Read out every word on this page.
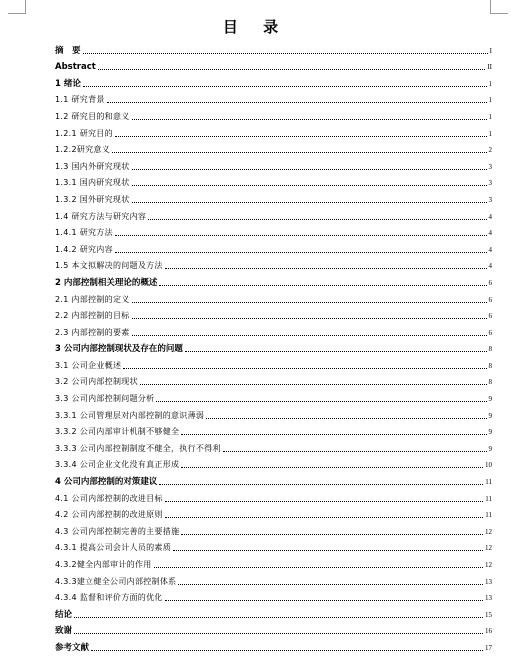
目 录
摘　要	I
Abstract	II
1 绪论	1
1.1 研究背景	1
1.2 研究目的和意义	1
1.2.1 研究目的	1
1.2.2研究意义	2
1.3 国内外研究现状	3
1.3.1 国内研究现状	3
1.3.2 国外研究现状	3
1.4 研究方法与研究内容	4
1.4.1 研究方法	4
1.4.2 研究内容	4
1.5 本文拟解决的问题及方法	4
2 内部控制相关理论的概述	6
2.1 内部控制的定义	6
2.2 内部控制的目标	6
2.3 内部控制的要素	6
3 公司内部控制现状及存在的问题	8
3.1 公司企业概述	8
3.2 公司内部控制现状	8
3.3 公司内部控制问题分析	9
3.3.1 公司管理层对内部控制的意识薄弱	9
3.3.2 公司内部审计机制不够健全	9
3.3.3 公司内部控制制度不健全，执行不得利	9
3.3.4 公司企业文化没有真正形成	10
4 公司内部控制的对策建议	11
4.1 公司内部控制的改进目标	11
4.2 公司内部控制的改进原则	11
4.3 公司内部控制完善的主要措施	12
4.3.1 提高公司会计人员的素质	12
4.3.2健全内部审计的作用	12
4.3.3建立健全公司内部控制体系	13
4.3.4 监督和评价方面的优化	13
结论	15
致谢	16
参考文献	17
